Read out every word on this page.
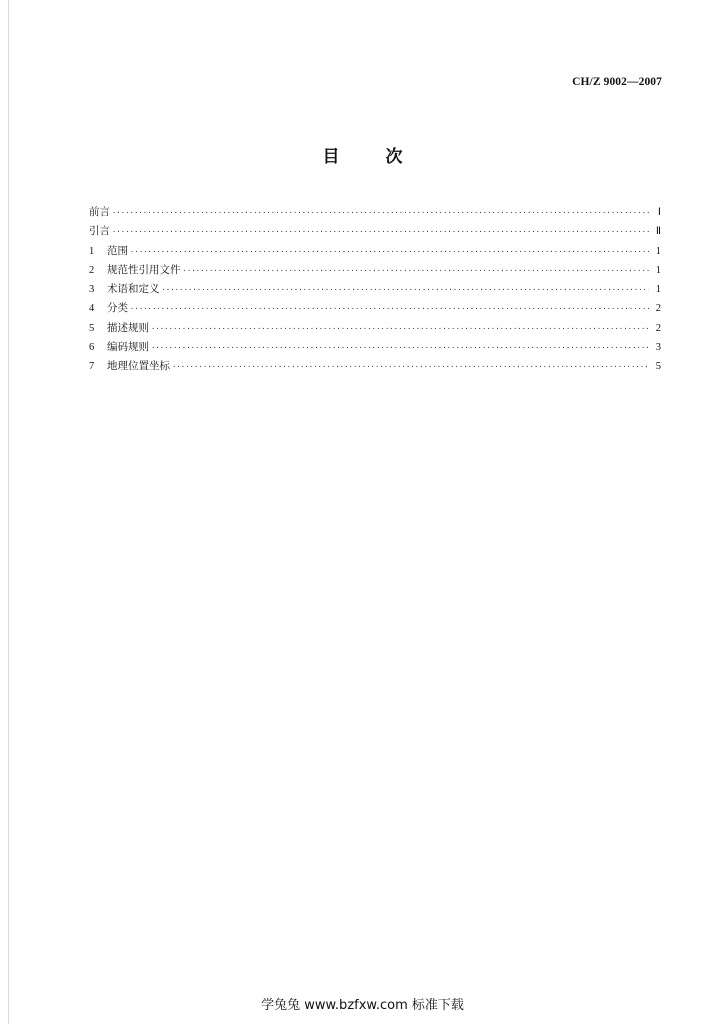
CH/Z 9002—2007
目 次
前言 ·····	Ⅰ
引言 ·····	Ⅱ
1	范围 ·····	1
2	规范性引用文件 ·····	1
3	术语和定义 ·····	1
4	分类 ·····	2
5	描述规则 ·····	2
6	编码规则 ·····	3
7	地理位置坐标 ·····	5
学兔兔 www.bzfxw.com 标准下载
